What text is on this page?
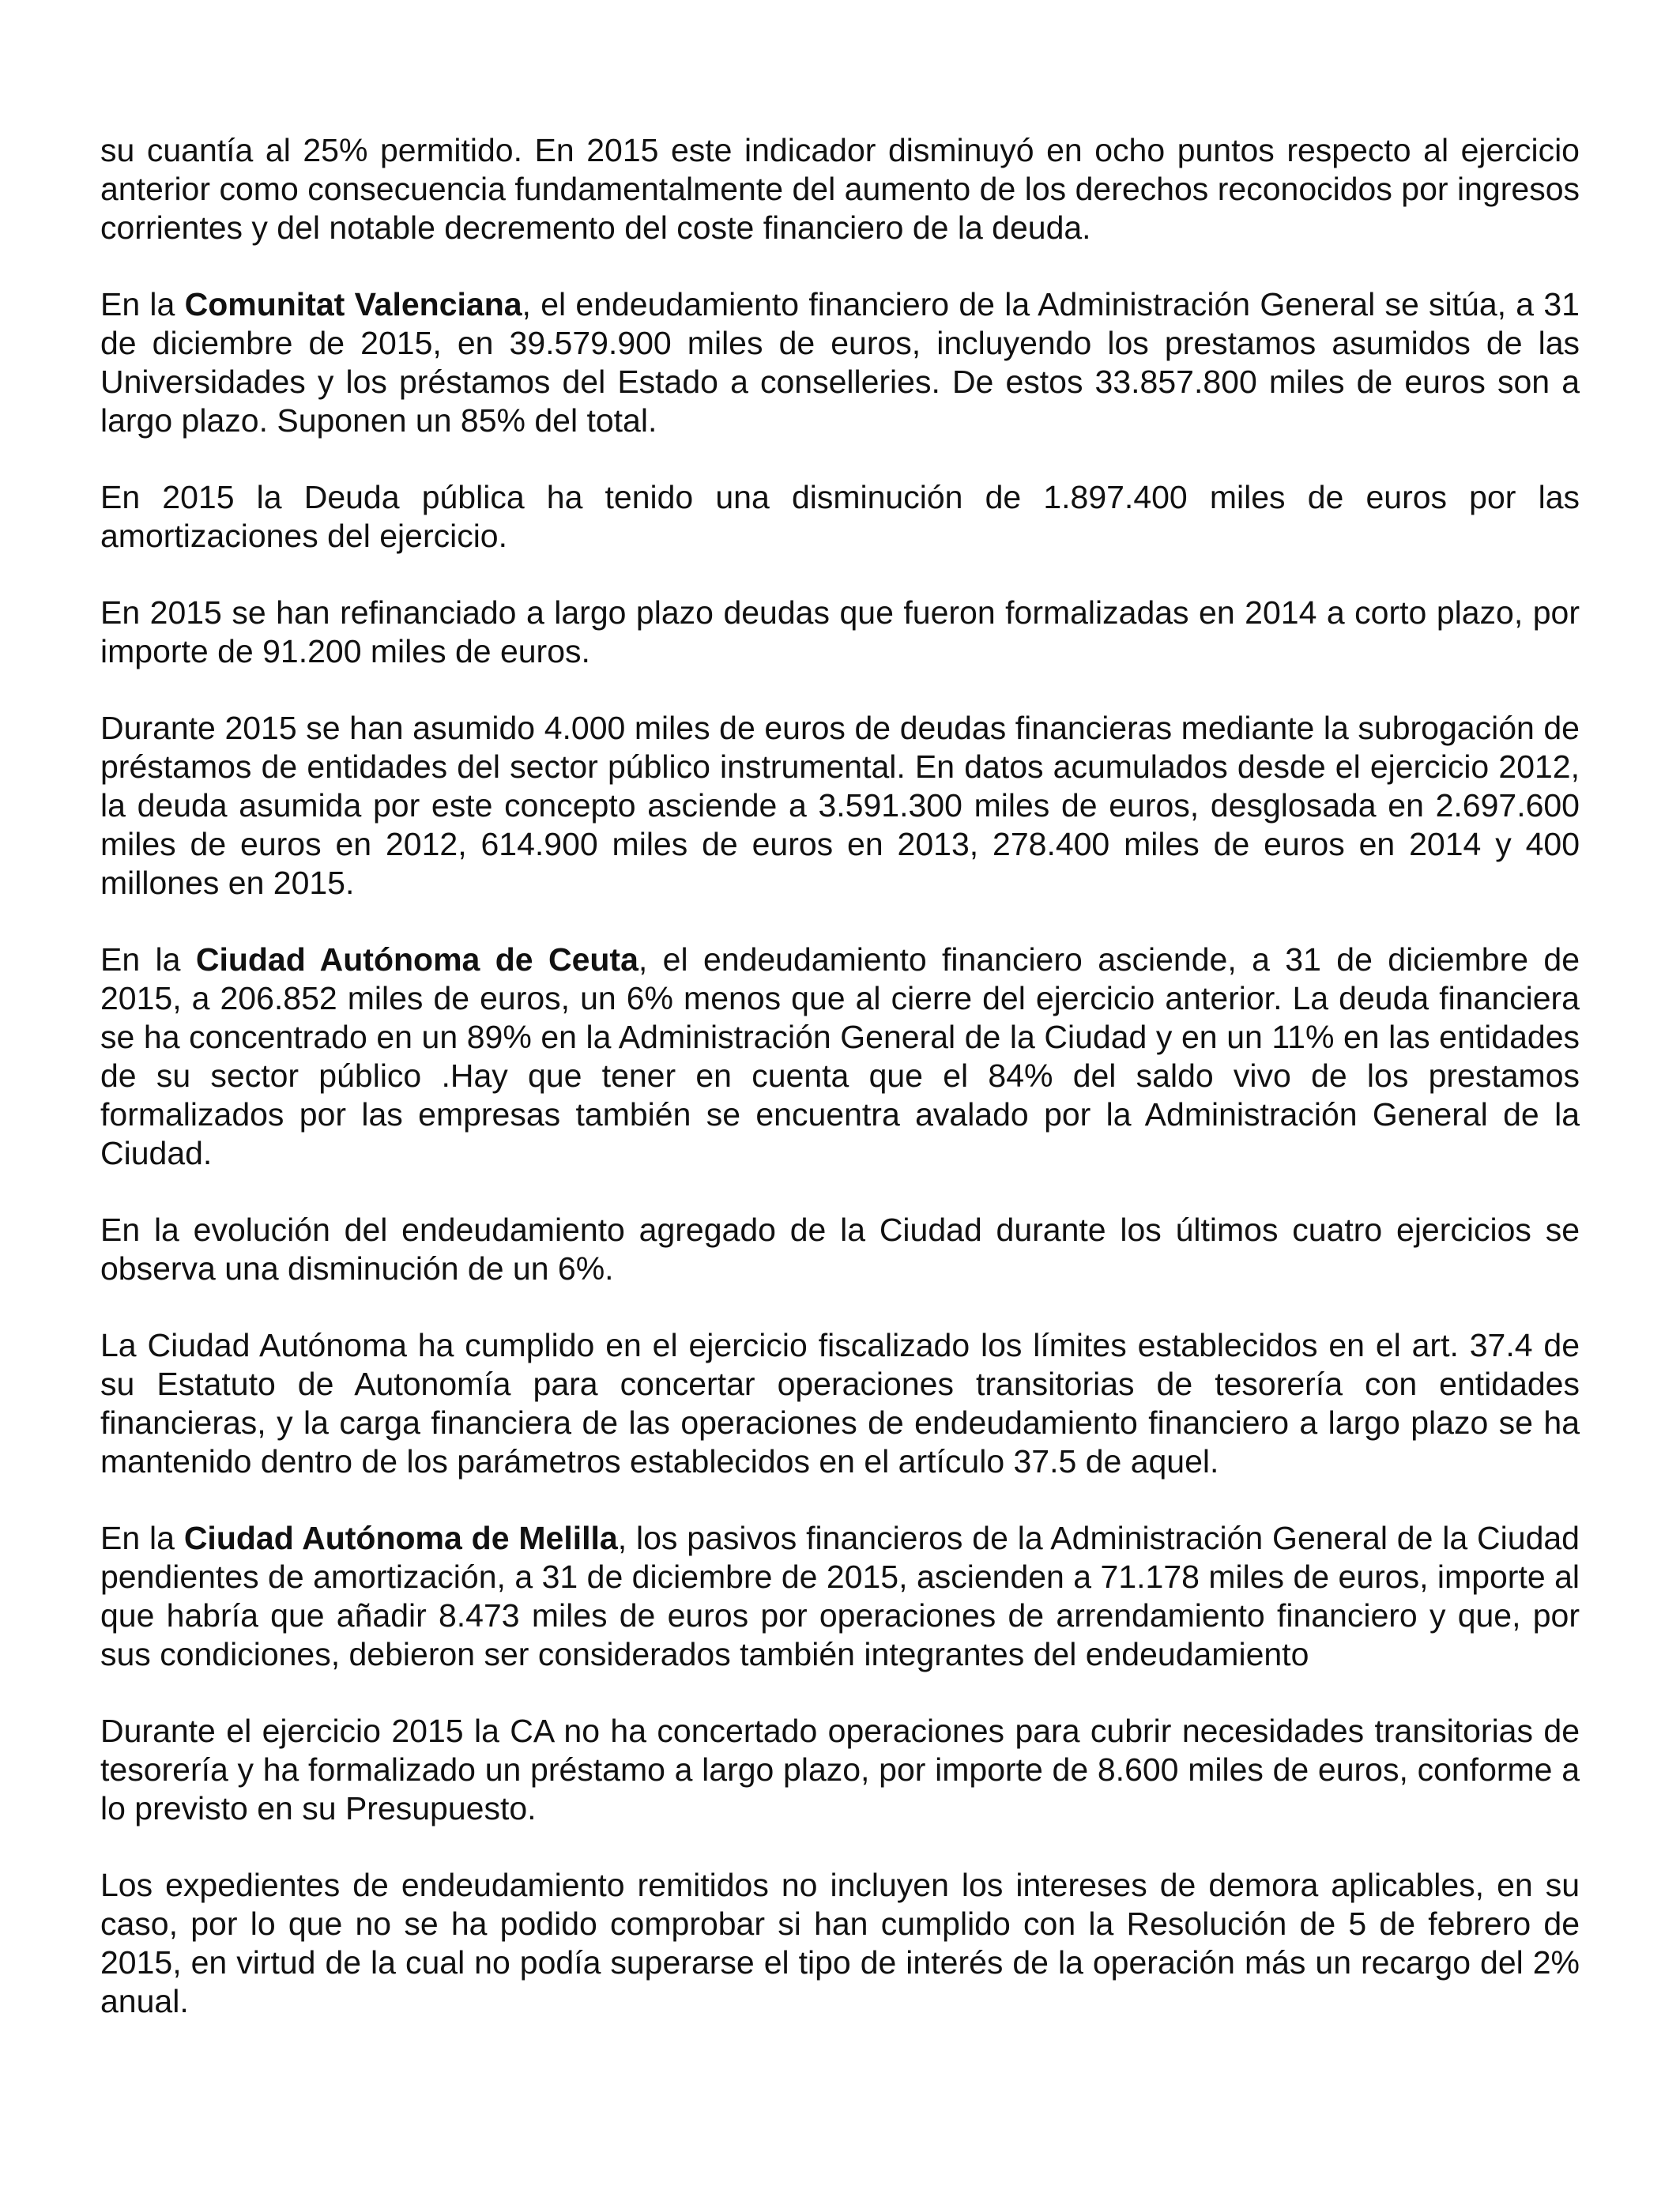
su cuantía al 25% permitido. En 2015 este indicador disminuyó en ocho puntos respecto al ejercicio anterior como consecuencia fundamentalmente del aumento de los derechos reconocidos por ingresos corrientes y del notable decremento del coste financiero de la deuda.

En la Comunitat Valenciana, el endeudamiento financiero de la Administración General se sitúa, a 31 de diciembre de 2015, en 39.579.900 miles de euros, incluyendo los prestamos asumidos de las Universidades y los préstamos del Estado a conselleries. De estos 33.857.800 miles de euros son a largo plazo. Suponen un 85% del total.

En 2015 la Deuda pública ha tenido una disminución de 1.897.400 miles de euros por las amortizaciones del ejercicio.

En 2015 se han refinanciado a largo plazo deudas que fueron formalizadas en 2014 a corto plazo, por importe de 91.200 miles de euros.

Durante 2015 se han asumido 4.000 miles de euros de deudas financieras mediante la subrogación de préstamos de entidades del sector público instrumental. En datos acumulados desde el ejercicio 2012, la deuda asumida por este concepto asciende a 3.591.300 miles de euros, desglosada en 2.697.600 miles de euros en 2012, 614.900 miles de euros en 2013, 278.400 miles de euros en 2014 y 400 millones en 2015.

En la Ciudad Autónoma de Ceuta, el endeudamiento financiero asciende, a 31 de diciembre de 2015, a 206.852 miles de euros, un 6% menos que al cierre del ejercicio anterior. La deuda financiera se ha concentrado en un 89% en la Administración General de la Ciudad y en un 11% en las entidades de su sector público .Hay que tener en cuenta que el 84% del saldo vivo de los prestamos formalizados por las empresas también se encuentra avalado por la Administración General de la Ciudad.

En la evolución del endeudamiento agregado de la Ciudad durante los últimos cuatro ejercicios se observa una disminución de un 6%.

La Ciudad Autónoma ha cumplido en el ejercicio fiscalizado los límites establecidos en el art. 37.4 de su Estatuto de Autonomía para concertar operaciones transitorias de tesorería con entidades financieras, y la carga financiera de las operaciones de endeudamiento financiero a largo plazo se ha mantenido dentro de los parámetros establecidos en el artículo 37.5 de aquel.

En la Ciudad Autónoma de Melilla, los pasivos financieros de la Administración General de la Ciudad pendientes de amortización, a 31 de diciembre de 2015, ascienden a 71.178 miles de euros, importe al que habría que añadir 8.473 miles de euros por operaciones de arrendamiento financiero y que, por sus condiciones, debieron ser considerados también integrantes del endeudamiento

Durante el ejercicio 2015 la CA no ha concertado operaciones para cubrir necesidades transitorias de tesorería y ha formalizado un préstamo a largo plazo, por importe de 8.600 miles de euros, conforme a lo previsto en su Presupuesto.

Los expedientes de endeudamiento remitidos no incluyen los intereses de demora aplicables, en su caso, por lo que no se ha podido comprobar si han cumplido con la Resolución de 5 de febrero de 2015, en virtud de la cual no podía superarse el tipo de interés de la operación más un recargo del 2% anual.
